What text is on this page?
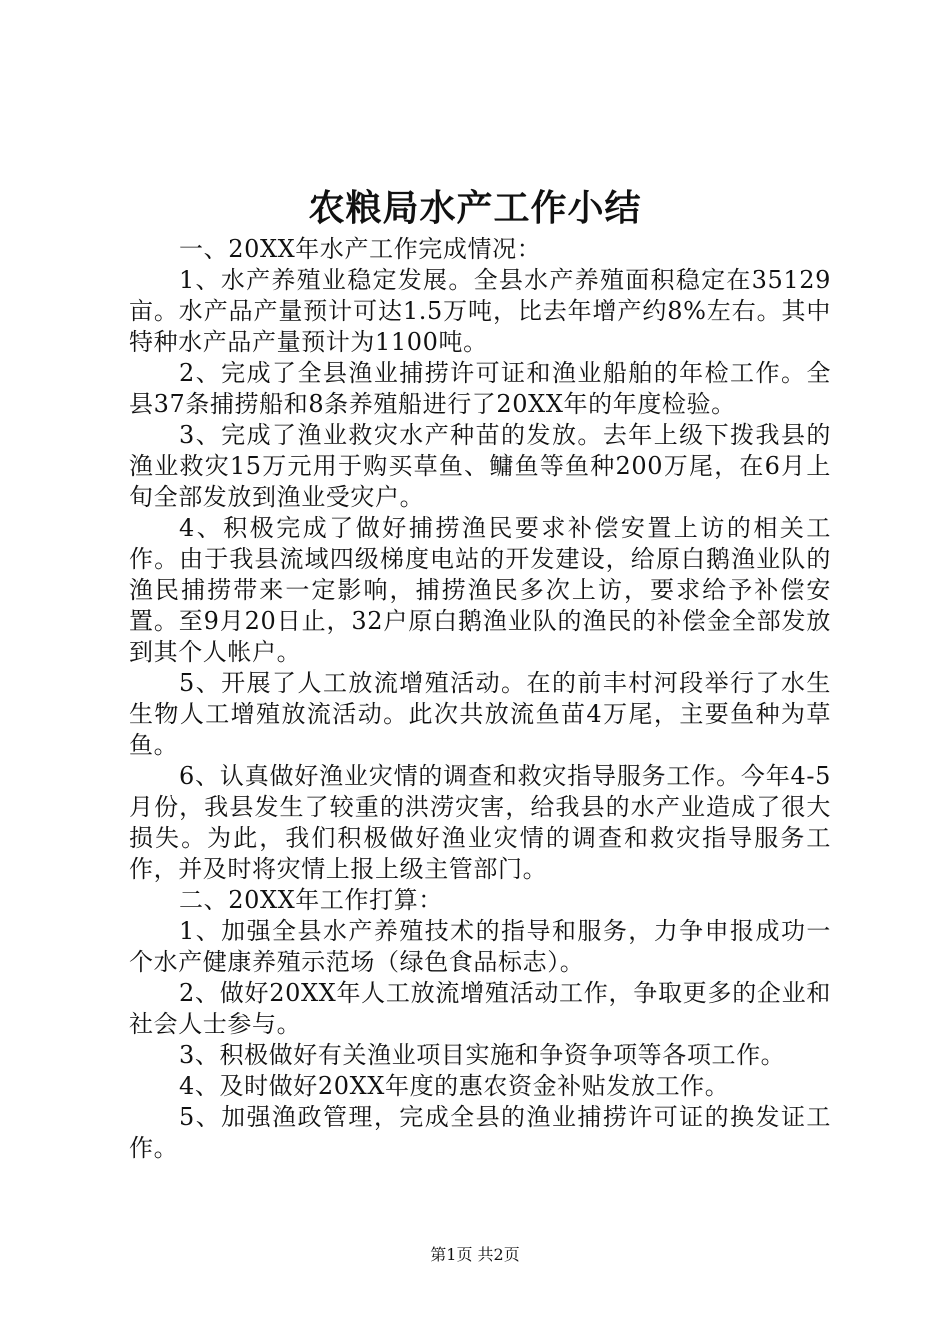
农粮局水产工作小结

一、20XX年水产工作完成情况：

1、水产养殖业稳定发展。全县水产养殖面积稳定在35129亩。水产品产量预计可达1.5万吨，比去年增产约8%左右。其中特种水产品产量预计为1100吨。

2、完成了全县渔业捕捞许可证和渔业船舶的年检工作。全县37条捕捞船和8条养殖船进行了20XX年的年度检验。

3、完成了渔业救灾水产种苗的发放。去年上级下拨我县的渔业救灾15万元用于购买草鱼、鳙鱼等鱼种200万尾，在6月上旬全部发放到渔业受灾户。

4、积极完成了做好捕捞渔民要求补偿安置上访的相关工作。由于我县流域四级梯度电站的开发建设，给原白鹅渔业队的渔民捕捞带来一定影响，捕捞渔民多次上访，要求给予补偿安置。至9月20日止，32户原白鹅渔业队的渔民的补偿金全部发放到其个人帐户。

5、开展了人工放流增殖活动。在的前丰村河段举行了水生生物人工增殖放流活动。此次共放流鱼苗4万尾，主要鱼种为草鱼。

6、认真做好渔业灾情的调查和救灾指导服务工作。今年4-5月份，我县发生了较重的洪涝灾害，给我县的水产业造成了很大损失。为此，我们积极做好渔业灾情的调查和救灾指导服务工作，并及时将灾情上报上级主管部门。

二、20XX年工作打算：

1、加强全县水产养殖技术的指导和服务，力争申报成功一个水产健康养殖示范场（绿色食品标志）。

2、做好20XX年人工放流增殖活动工作，争取更多的企业和社会人士参与。

3、积极做好有关渔业项目实施和争资争项等各项工作。

4、及时做好20XX年度的惠农资金补贴发放工作。

5、加强渔政管理，完成全县的渔业捕捞许可证的换发证工作。

第1页 共2页
